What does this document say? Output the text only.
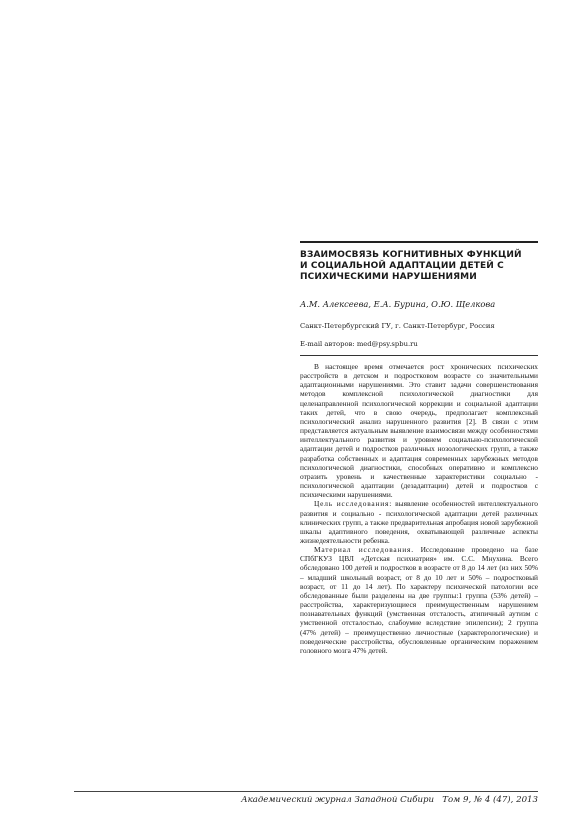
ВЗАИМОСВЯЗЬ КОГНИТИВНЫХ ФУНКЦИЙ
И СОЦИАЛЬНОЙ АДАПТАЦИИ ДЕТЕЙ С
ПСИХИЧЕСКИМИ НАРУШЕНИЯМИ
А.М. Алексеева, Е.А. Бурина, О.Ю. Щелкова
Санкт-Петербургский ГУ, г. Санкт-Петербург, Россия
E-mail авторов: med@psy.spbu.ru

В настоящее время отмечается рост хронических психических расстройств в детском и подростковом возрасте со значительными адаптационными нарушениями. Это ставит задачи совершенствования методов комплексной психологической диагностики для целенаправленной психологической коррекции и социальной адаптации таких детей, что в свою очередь, предполагает комплексный психологический анализ нарушенного развития [2]. В связи с этим представляется актуальным выявление взаимосвязи между особенностями интеллектуального развития и уровнем социально-психологической адаптации детей и подростков различных нозологических групп, а также разработка собственных и адаптация современных зарубежных методов психологической диагностики, способных оперативно и комплексно отразить уровень и качественные характеристики социально - психологической адаптации (дезадаптации) детей и подростков с психическими нарушениями.

Цель исследования: выявление особенностей интеллектуального развития и социально - психологической адаптации детей различных клинических групп, а также предварительная апробация новой зарубежной шкалы адаптивного поведения, охватывающей различные аспекты жизнедеятельности ребенка.

Материал исследования. Исследование проведено на базе СПбГКУЗ ЦВЛ «Детская психиатрия» им. С.С. Мнухина. Всего обследовано 100 детей и подростков в возрасте от 8 до 14 лет (из них 50% – младший школьный возраст, от 8 до 10 лет и 50% – подростковый возраст, от 11 до 14 лет). По характеру психической патологии все обследованные были разделены на две группы:1 группа (53% детей) – расстройства, характеризующиеся преимущественным нарушением познавательных функций (умственная отсталость, атипичный аутизм с умственной отсталостью, слабоумие вследствие эпилепсии); 2 группа (47% детей) – преимущественно личностные (характерологические) и поведенческие расстройства, обусловленные органическим поражением головного мозга 47% детей.

Академический журнал Западной Сибири Том 9, № 4 (47), 2013
